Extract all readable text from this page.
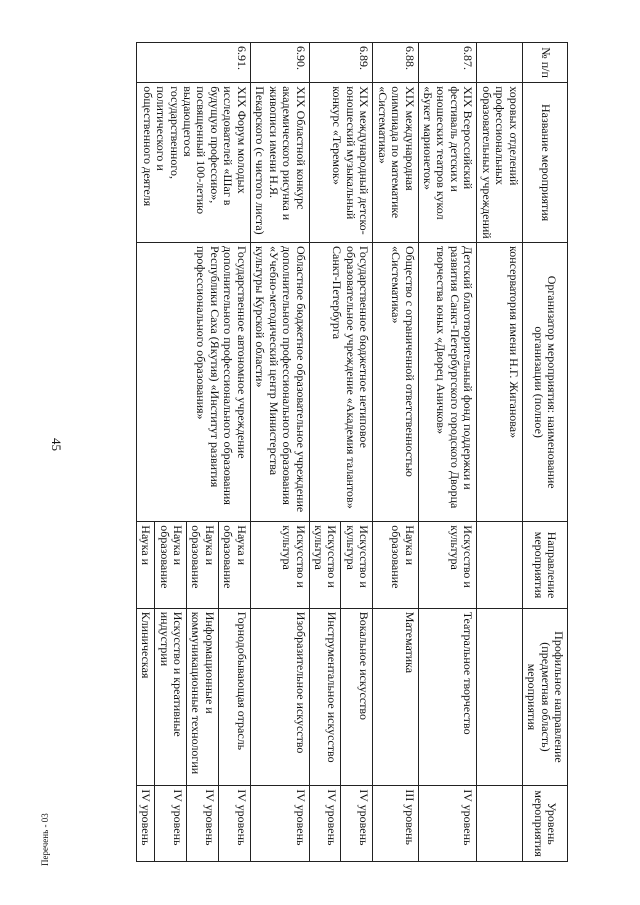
45
№ п/п	Название мероприятия	Организатор мероприятия: наименование организации (полное)	Направление мероприятия	Профильное направление (предметная область) мероприятия	Уровень мероприятия
	хоровых отделений профессиональных образовательных учреждений	консерватория имени Н.Г. Жиганова»			
6.87.	XIX Всероссийский фестиваль детских и юношеских театров кукол «Букет марионеток»	Детский благотворительный фонд поддержки и развития Санкт-Петербургского городского Дворца творчества юных «Дворец Аничков»	Искусство и культура	Театральное творчество	IV уровень
6.88.	XIX международная олимпиада по математике «Систематика»	Общество с ограниченной ответственностью «Систематика»	Наука и образование	Математика	III уровень
6.89.	XIX международный детско-юношеский музыкальный конкурс «Теремок»	Государственное бюджетное нетиповое образовательное учреждение «Академия талантов» Санкт-Петербурга	Искусство и культура	Вокальное искусство	IV уровень
			Искусство и культура	Инструментальное искусство	IV уровень
6.90.	XIX Областной конкурс академического рисунка и живописи имени Н.Я. Пекарского (с чистого листа)	Областное бюджетное образовательное учреждение дополнительного профессионального образования «Учебно-методический центр Министерства культуры Курской области»	Искусство и культура	Изобразительное искусство	IV уровень
6.91.	XIX Форум молодых исследователей «Шаг в будущую профессию», посвященный 100-летию выдающегося государственного, политического и общественного деятеля	Государственное автономное учреждение дополнительного профессионального образования Республики Саха (Якутия) «Институт развития профессионального образования»	Наука и образование	Горнодобывающая отрасль	IV уровень
			Наука и образование	Информационные и коммуникационные технологии	IV уровень
			Наука и образование	Искусство и креативные индустрии	IV уровень
			Наука и	Клиническая	IV уровень
Перечень - 03
